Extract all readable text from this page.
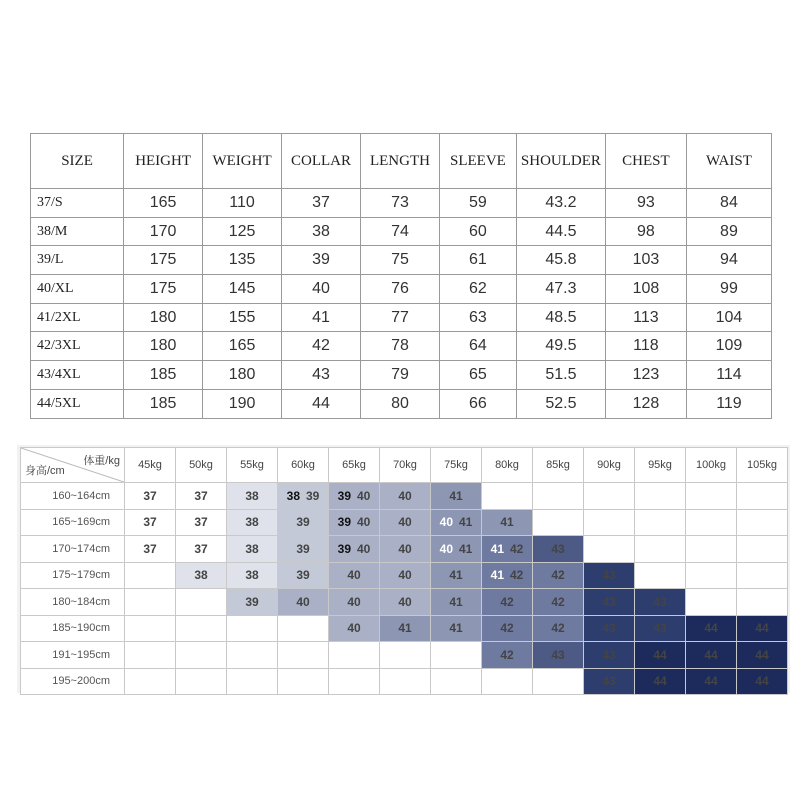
SIZE	HEIGHT	WEIGHT	COLLAR	LENGTH	SLEEVE	SHOULDER	CHEST	WAIST
37/S	165	110	37	73	59	43.2	93	84
38/M	170	125	38	74	60	44.5	98	89
39/L	175	135	39	75	61	45.8	103	94
40/XL	175	145	40	76	62	47.3	108	99
41/2XL	180	155	41	77	63	48.5	113	104
42/3XL	180	165	42	78	64	49.5	118	109
43/4XL	185	180	43	79	65	51.5	123	114
44/5XL	185	190	44	80	66	52.5	128	119
体重/kg
身高/cm	45kg	50kg	55kg	60kg	65kg	70kg	75kg	80kg	85kg	90kg	95kg	100kg	105kg
160~164cm	37	37	38	38 39	39 40	40	41						

165~169cm	37	37	38	39	39 40	40	40 41	41					

170~174cm	37	37	38	39	39 40	40	40 41	41 42	43				

175~179cm		38	38	39	40	40	41	41 42	42	43			

180~184cm			39	40	40	40	41	42	42	43	43		

185~190cm					40	41	41	42	42	43	43	44	44

191~195cm								42	43	43	44	44	44

195~200cm										43	44	44	44
